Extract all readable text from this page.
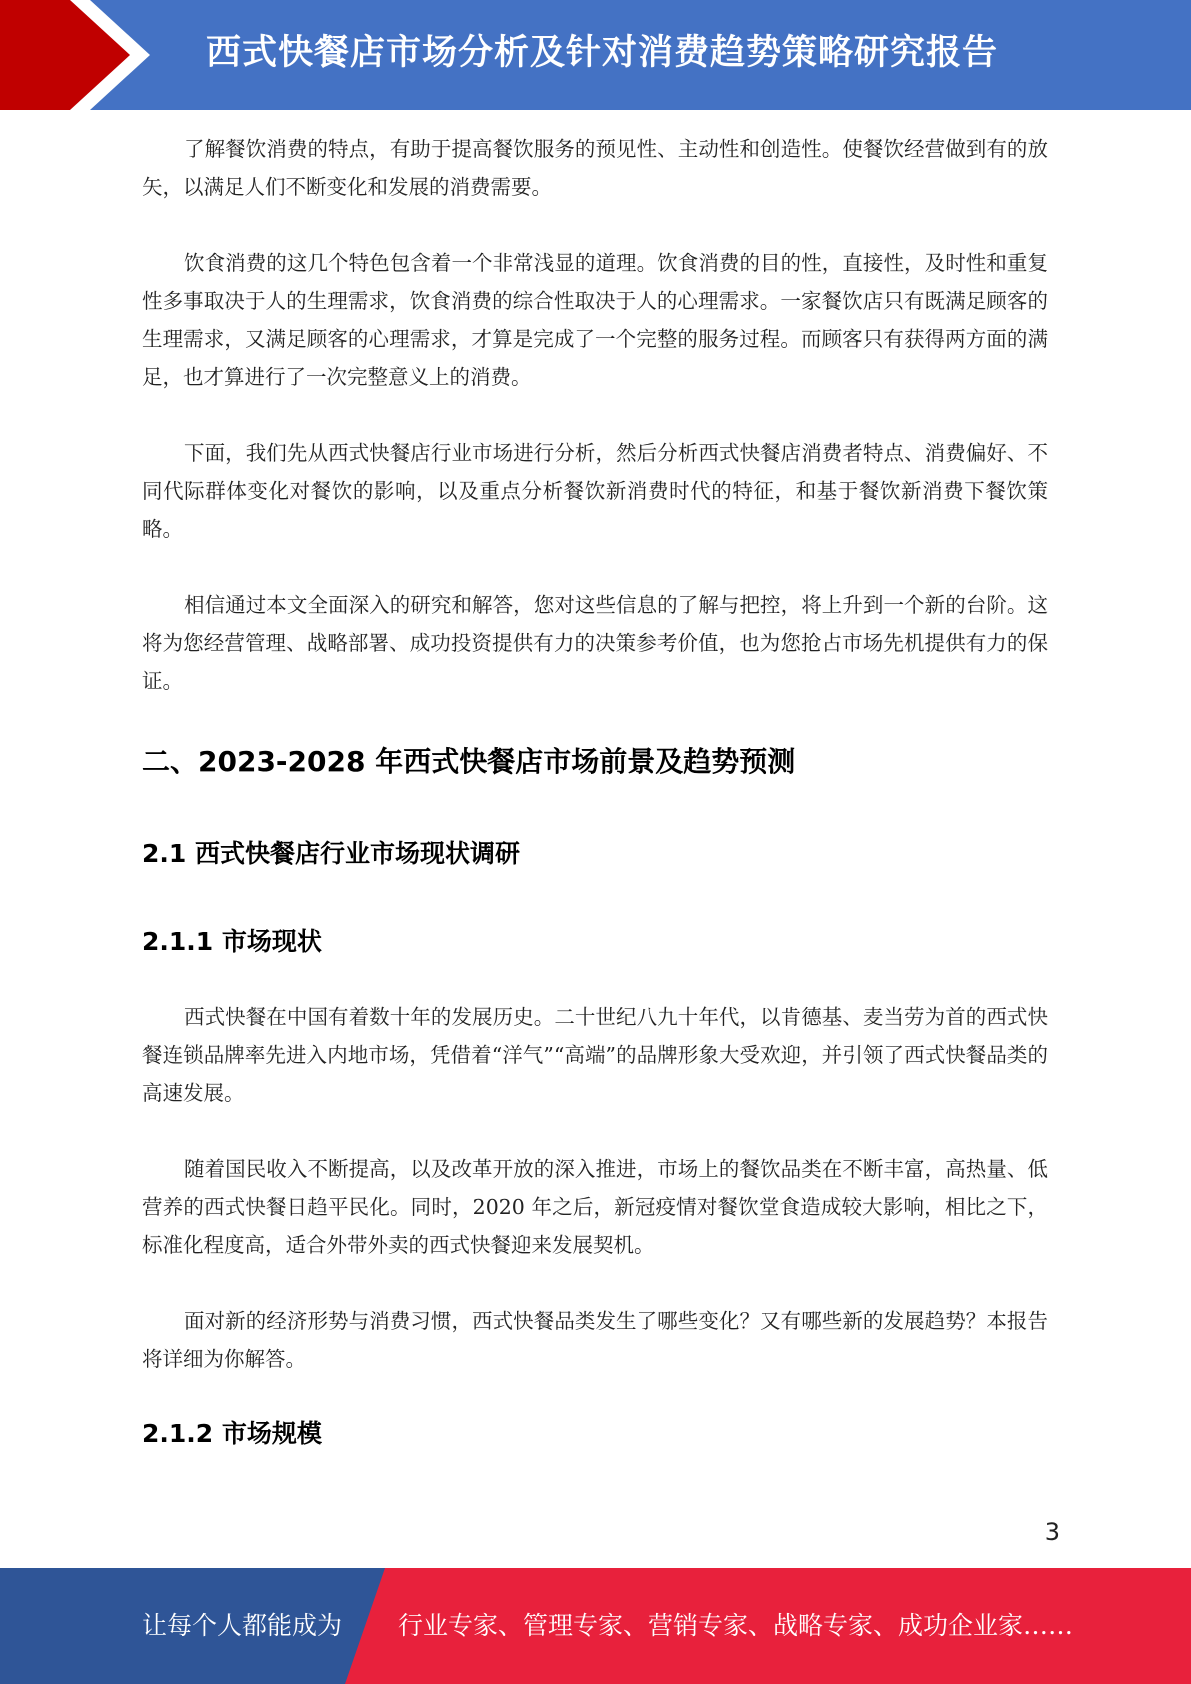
西式快餐店市场分析及针对消费趋势策略研究报告

了解餐饮消费的特点，有助于提高餐饮服务的预见性、主动性和创造性。使餐饮经营做到有的放矢，以满足人们不断变化和发展的消费需要。

饮食消费的这几个特色包含着一个非常浅显的道理。饮食消费的目的性，直接性，及时性和重复性多事取决于人的生理需求，饮食消费的综合性取决于人的心理需求。一家餐饮店只有既满足顾客的生理需求，又满足顾客的心理需求，才算是完成了一个完整的服务过程。而顾客只有获得两方面的满足，也才算进行了一次完整意义上的消费。

下面，我们先从西式快餐店行业市场进行分析，然后分析西式快餐店消费者特点、消费偏好、不同代际群体变化对餐饮的影响，以及重点分析餐饮新消费时代的特征，和基于餐饮新消费下餐饮策略。

相信通过本文全面深入的研究和解答，您对这些信息的了解与把控，将上升到一个新的台阶。这将为您经营管理、战略部署、成功投资提供有力的决策参考价值，也为您抢占市场先机提供有力的保证。

二、2023-2028 年西式快餐店市场前景及趋势预测
2.1 西式快餐店行业市场现状调研
2.1.1 市场现状

西式快餐在中国有着数十年的发展历史。二十世纪八九十年代，以肯德基、麦当劳为首的西式快餐连锁品牌率先进入内地市场，凭借着“洋气”“高端”的品牌形象大受欢迎，并引领了西式快餐品类的高速发展。

随着国民收入不断提高，以及改革开放的深入推进，市场上的餐饮品类在不断丰富，高热量、低营养的西式快餐日趋平民化。同时，2020 年之后，新冠疫情对餐饮堂食造成较大影响，相比之下，标准化程度高，适合外带外卖的西式快餐迎来发展契机。

面对新的经济形势与消费习惯，西式快餐品类发生了哪些变化？又有哪些新的发展趋势？本报告将详细为你解答。

2.1.2 市场规模
3
让每个人都能成为 行业专家、管理专家、营销专家、战略专家、成功企业家……
